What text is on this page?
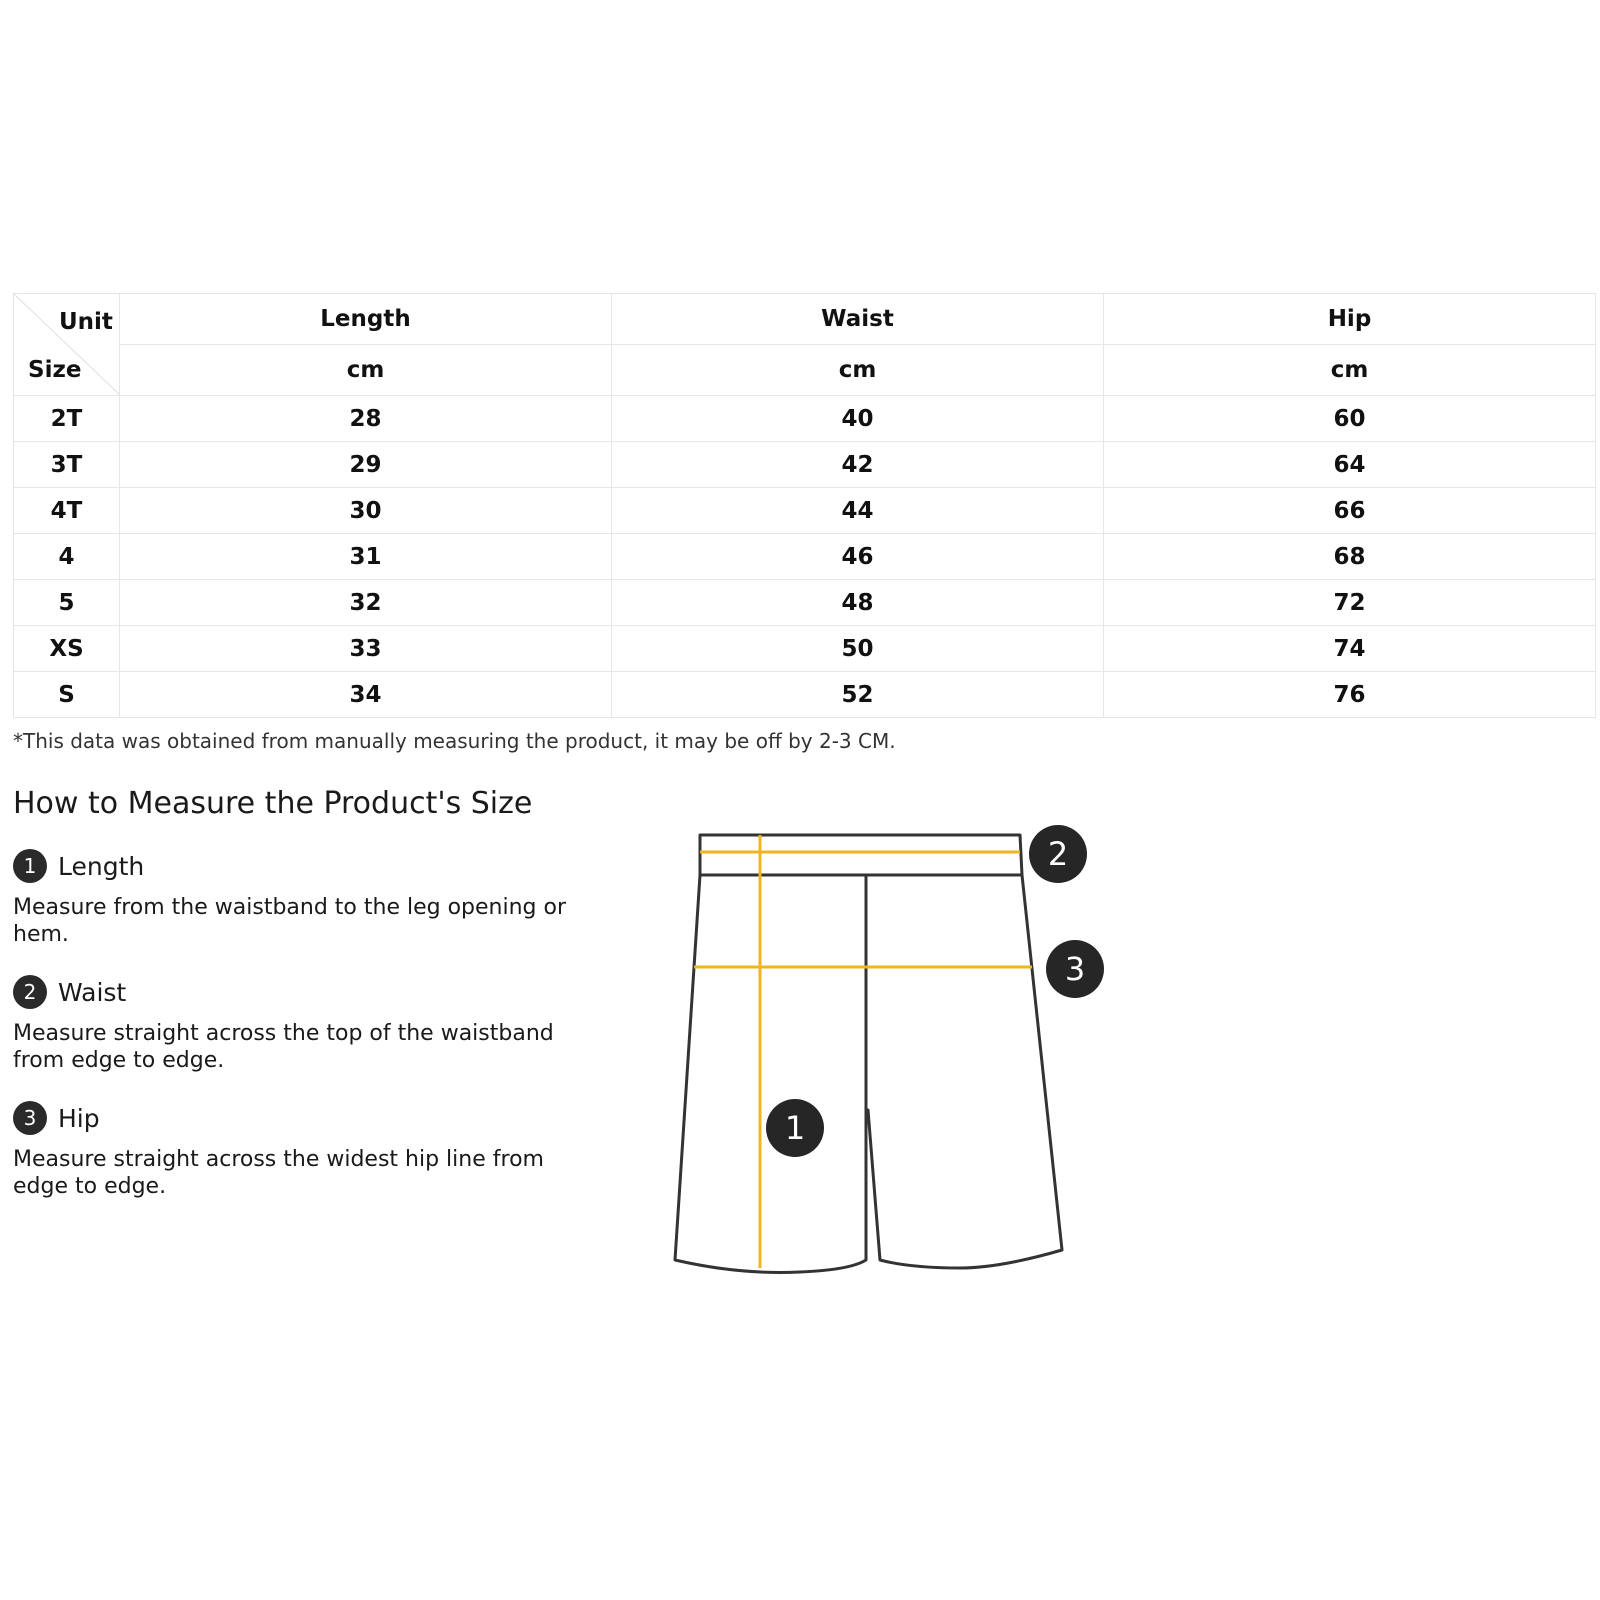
Unit
Size	Length	Waist	Hip
	cm	cm	cm
2T	28	40	60
3T	29	42	64
4T	30	44	66
4	31	46	68
5	32	48	72
XS	33	50	74
S	34	52	76
*This data was obtained from manually measuring the product, it may be off by 2-3 CM.
How to Measure the Product's Size
1 Length
Measure from the waistband to the leg opening or hem.
2 Waist
Measure straight across the top of the waistband from edge to edge.
3 Hip
Measure straight across the widest hip line from edge to edge.
1
2
3
